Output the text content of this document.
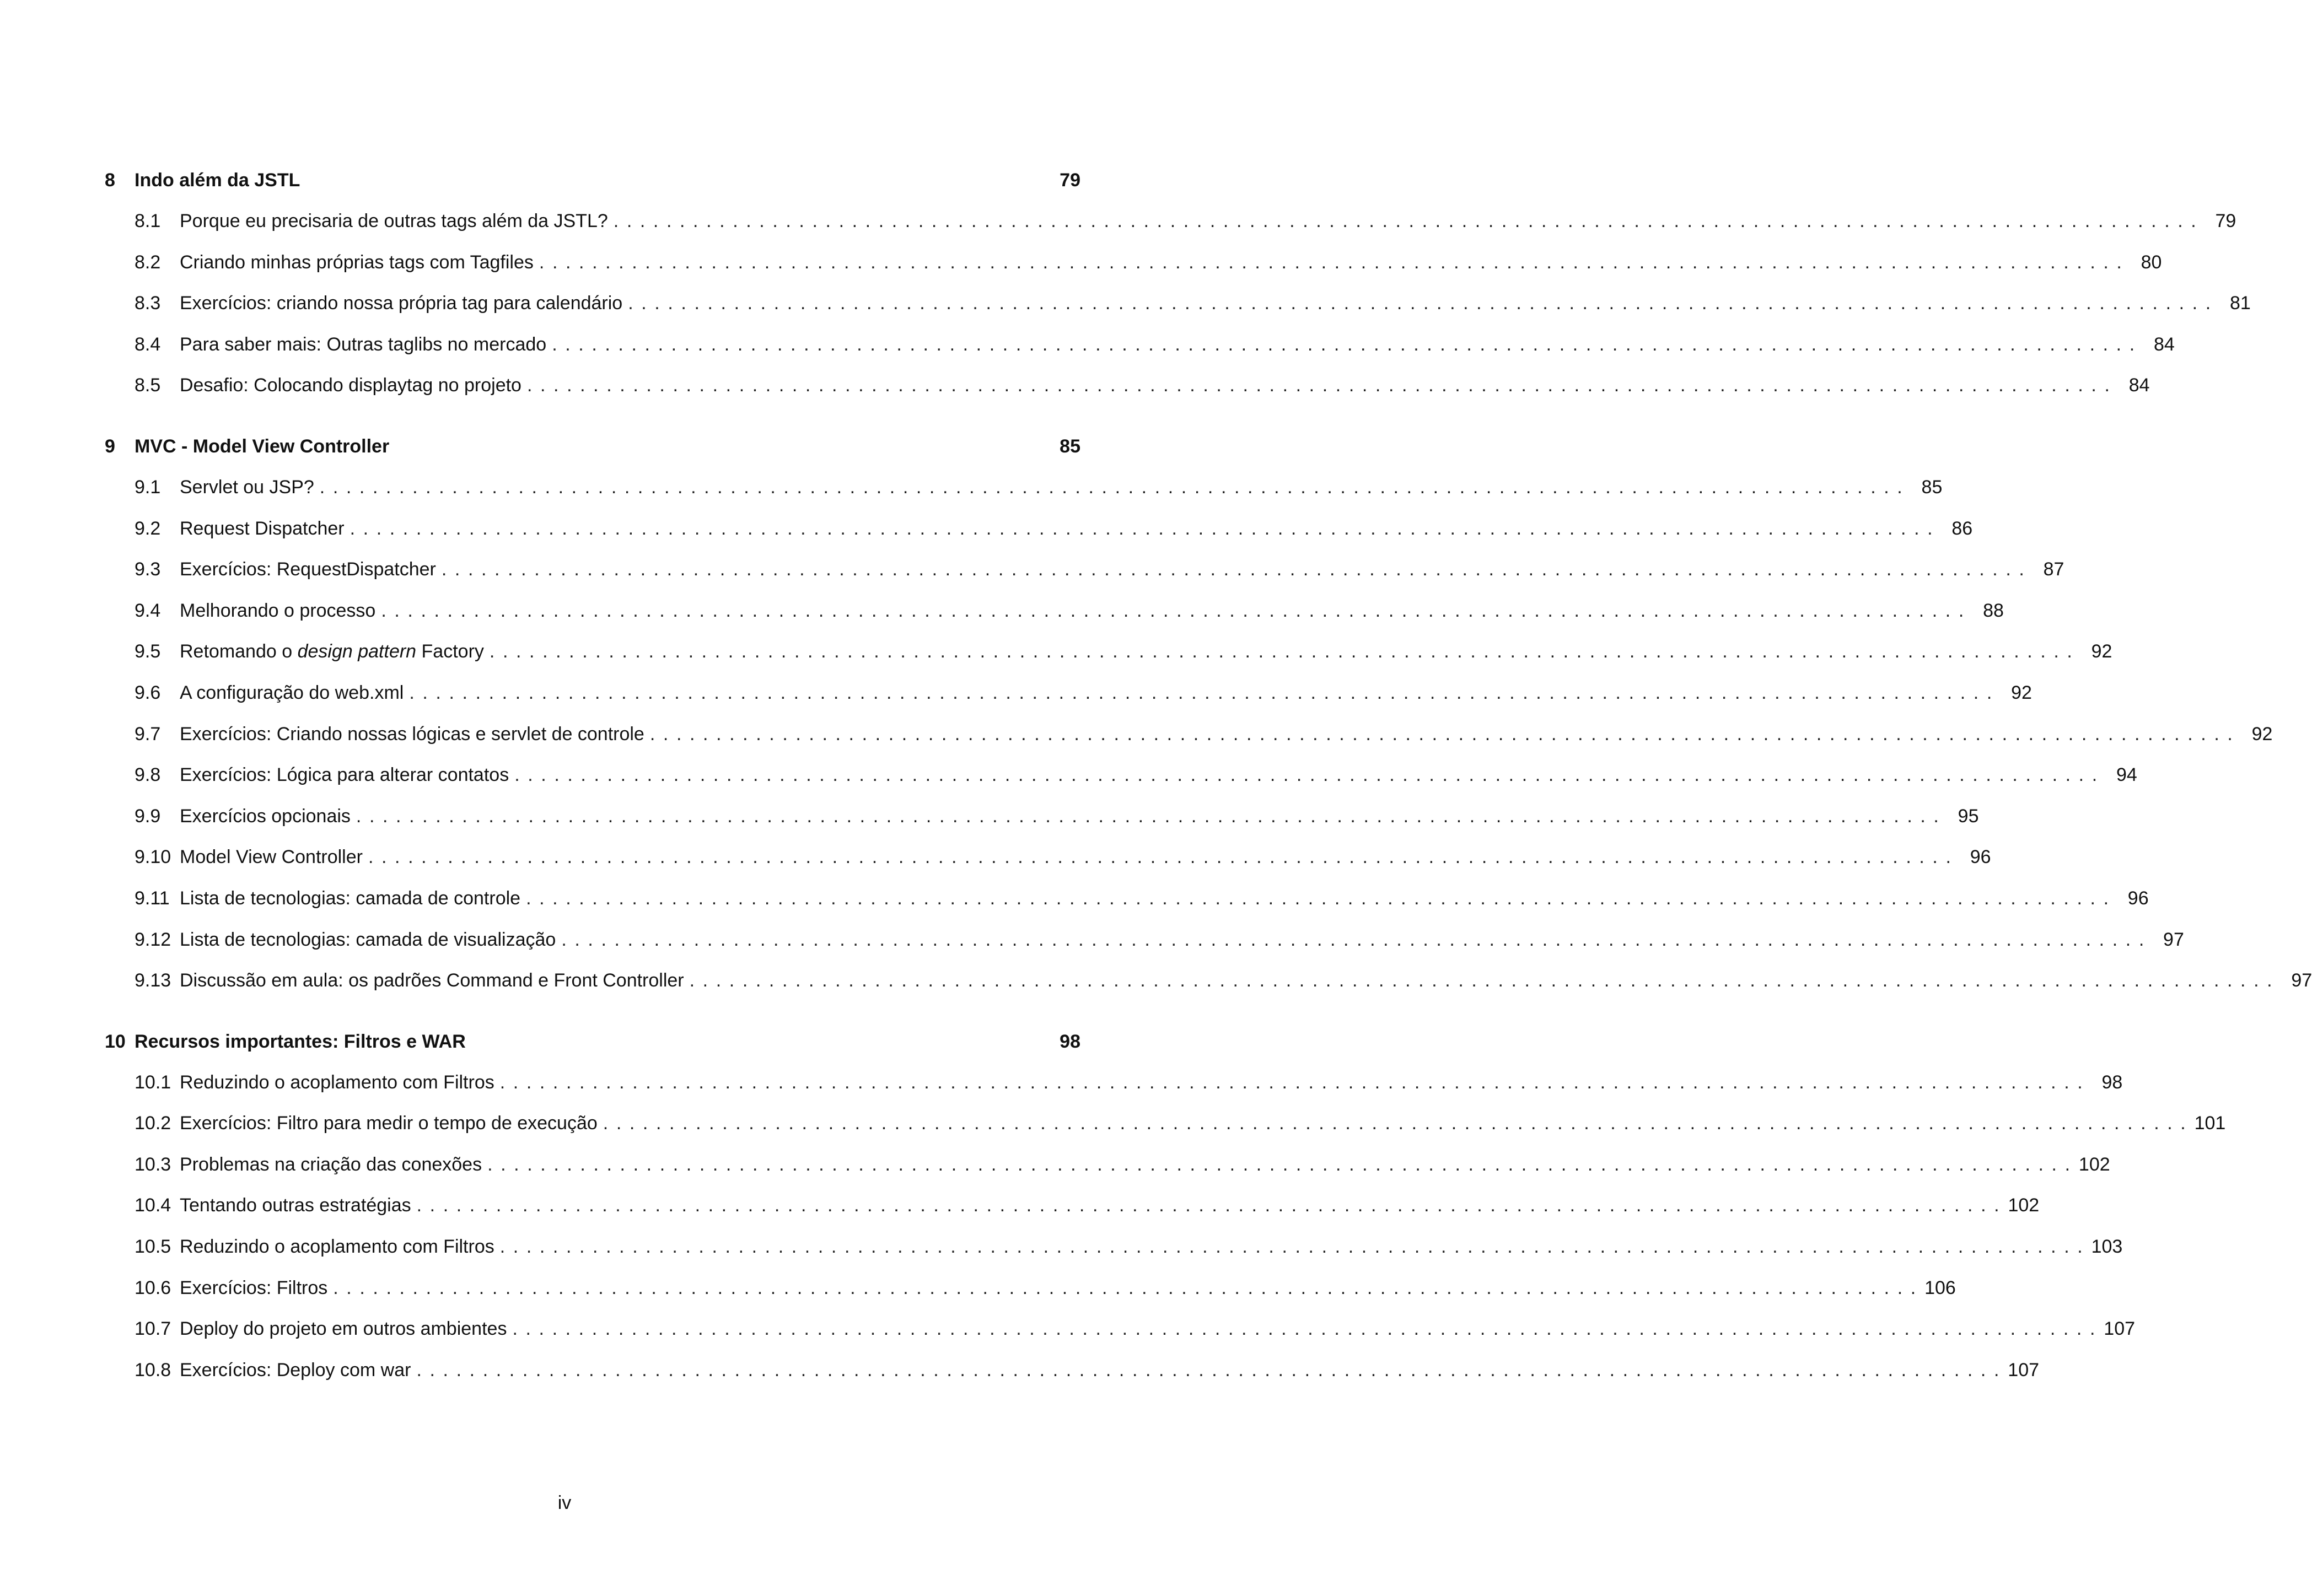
8	Indo além da JSTL	79
8.1	Porque eu precisaria de outras tags além da JSTL? ........................................................................................................................ 79
8.2	Criando minhas próprias tags com Tagfiles ........................................................................................................................ 80
8.3	Exercícios: criando nossa própria tag para calendário ........................................................................................................................ 81
8.4	Para saber mais: Outras taglibs no mercado ........................................................................................................................ 84
8.5	Desafio: Colocando displaytag no projeto ........................................................................................................................ 84
9	MVC - Model View Controller	85
9.1	Servlet ou JSP? ........................................................................................................................ 85
9.2	Request Dispatcher ........................................................................................................................ 86
9.3	Exercícios: RequestDispatcher ........................................................................................................................ 87
9.4	Melhorando o processo ........................................................................................................................ 88
9.5	Retomando o design pattern Factory ........................................................................................................................ 92
9.6	A configuração do web.xml ........................................................................................................................ 92
9.7	Exercícios: Criando nossas lógicas e servlet de controle ........................................................................................................................ 92
9.8	Exercícios: Lógica para alterar contatos ........................................................................................................................ 94
9.9	Exercícios opcionais ........................................................................................................................ 95
9.10 Model View Controller ........................................................................................................................ 96
9.11 Lista de tecnologias: camada de controle ........................................................................................................................ 96
9.12 Lista de tecnologias: camada de visualização ........................................................................................................................ 97
9.13 Discussão em aula: os padrões Command e Front Controller ........................................................................................................................ 97
10 Recursos importantes: Filtros e WAR	98
10.1 Reduzindo o acoplamento com Filtros ........................................................................................................................ 98
10.2 Exercícios: Filtro para medir o tempo de execução ........................................................................................................................ 101
10.3 Problemas na criação das conexões ........................................................................................................................ 102
10.4 Tentando outras estratégias ........................................................................................................................ 102
10.5 Reduzindo o acoplamento com Filtros ........................................................................................................................ 103
10.6 Exercícios: Filtros ........................................................................................................................ 106
10.7 Deploy do projeto em outros ambientes ........................................................................................................................ 107
10.8 Exercícios: Deploy com war ........................................................................................................................ 107
iv
